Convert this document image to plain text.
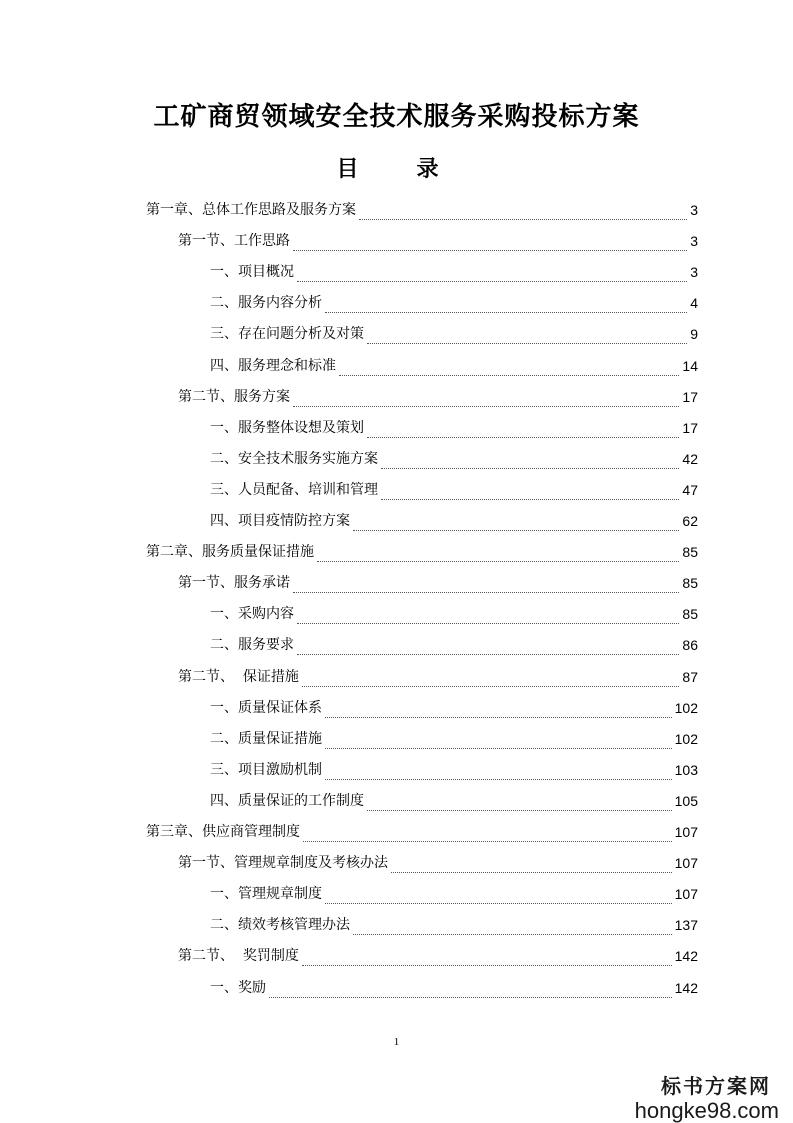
工矿商贸领域安全技术服务采购投标方案
目　录
第一章、总体工作思路及服务方案	3
第一节、工作思路	3
一、项目概况	3
二、服务内容分析	4
三、存在问题分析及对策	9
四、服务理念和标准	14
第二节、服务方案	17
一、服务整体设想及策划	17
二、安全技术服务实施方案	42
三、人员配备、培训和管理	47
四、项目疫情防控方案	62
第二章、服务质量保证措施	85
第一节、服务承诺	85
一、采购内容	85
二、服务要求	86
第二节、  保证措施	87
一、质量保证体系	102
二、质量保证措施	102
三、项目激励机制	103
四、质量保证的工作制度	105
第三章、供应商管理制度	107
第一节、管理规章制度及考核办法	107
一、管理规章制度	107
二、绩效考核管理办法	137
第二节、  奖罚制度	142
一、奖励	142
1
标书方案网
hongke98.com
